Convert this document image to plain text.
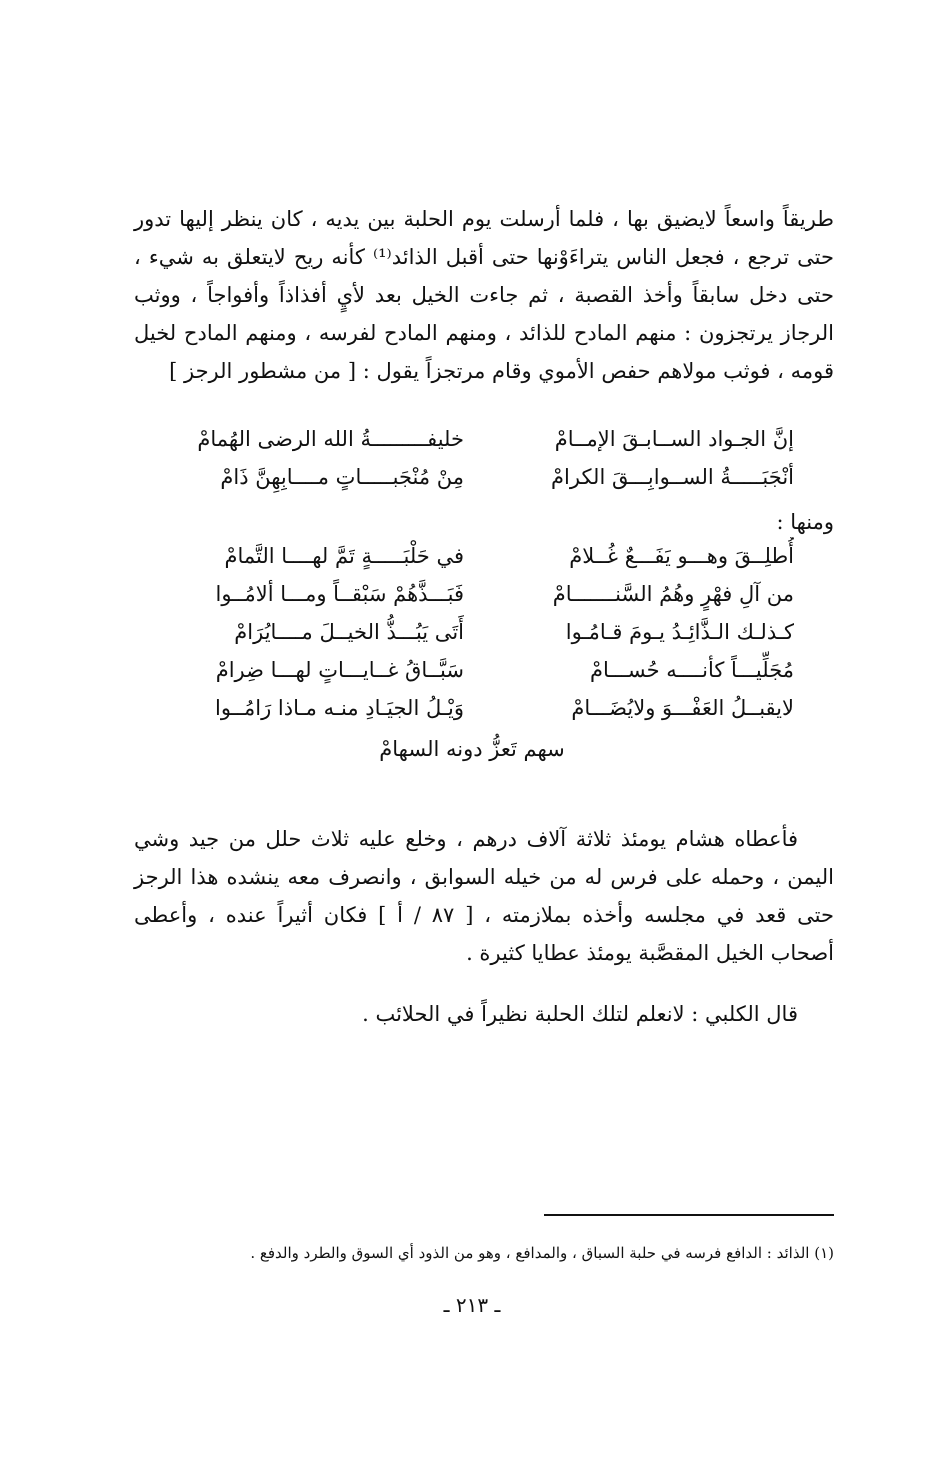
طريقاً واسعاً لايضيق بها ، فلما أرسلت يوم الحلبة بين يديه ، كان ينظر إليها تدور حتى ترجع ، فجعل الناس يتراءَوْنها حتى أقبل الذائد⁽¹⁾ كأنه ريح لايتعلق به شيء ، حتى دخل سابقاً وأخذ القصبة ، ثم جاءت الخيل بعد لأيٍ أفذاذاً وأفواجاً ، ووثب الرجاز يرتجزون : منهم المادح للذائد ، ومنهم المادح لفرسه ، ومنهم المادح لخيل قومه ، فوثب مولاهم حفص الأموي وقام مرتجزاً يقول : [ من مشطور الرجز ]

إنَّ الجـواد الســابـقَ الإمــامْ
خليفـــــــــةُ الله الرضى الهُمامْ
أنْجَبَـــــةُ الســوابِـــقَ الكرامْ
مِنْ مُنْجَبـــــاتٍ مــــابِهِنَّ ذَامْ
ومنها :
أُطلِــقَ وهـــو يَفَـــعٌ غُــلامْ
في حَلْبَـــــةٍ تَمَّ لهــــا التَّمامْ
من آلِ فهْرٍ وهُمُ السَّنـــــــامْ
فَبَـــذَّهُمْ سَبْقــاً ومـــا ألامُــوا
كـذلـك الـذَّائِـدُ يـومَ قـامُـوا
أَتَى يَبُـــذُّ الخيــلَ مــــايُرَامْ
مُجَلِّيـــاً كأنــــه حُســـامْ
سَبَّــاقُ غــايـــاتٍ لهـــا ضِرامْ
لايقبــلُ العَفْـــوَ ولايُضَـــامْ
وَيْـلُ الجيَـادِ منـه مـاذا رَامُــوا
سهم تَعزُّ دونه السهامْ

فأعطاه هشام يومئذ ثلاثة آلاف درهم ، وخلع عليه ثلاث حلل من جيد وشي اليمن ، وحمله على فرس له من خيله السوابق ، وانصرف معه ينشده هذا الرجز حتى قعد في مجلسه وأخذه بملازمته ، [ ٨٧ / أ ] فكان أثيراً عنده ، وأعطى أصحاب الخيل المقصَّبة يومئذ عطايا كثيرة .

قال الكلبي : لانعلم لتلك الحلبة نظيراً في الحلائب .

(١) الذائد : الدافع فرسه في حلبة السباق ، والمدافع ، وهو من الذود أي السوق والطرد والدفع .
ـ ٢١٣ ـ
